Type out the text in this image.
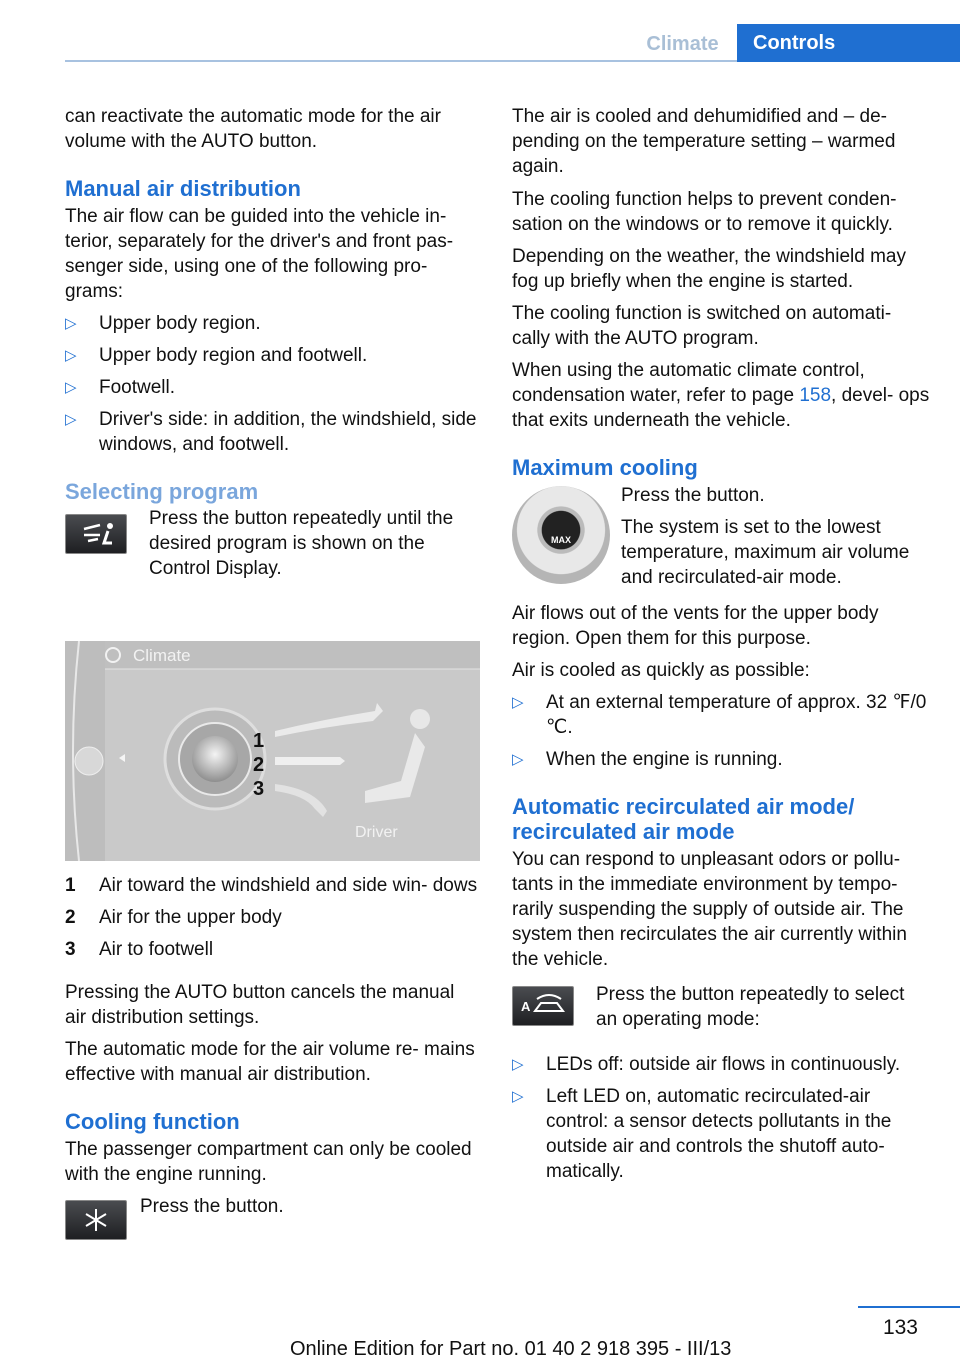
Climate	Controls

can reactivate the automatic mode for the air volume with the AUTO button.

Manual air distribution

The air flow can be guided into the vehicle in- terior, separately for the driver's and front pas- senger side, using one of the following pro- grams:

▷ Upper body region.
▷ Upper body region and footwell.
▷ Footwell.
▷ Driver's side: in addition, the windshield, side windows, and footwell.
Selecting program

Press the button repeatedly until the desired program is shown on the Control Display.

Climate
1
2
3
Driver
1 Air toward the windshield and side win- dows
2 Air for the upper body
3 Air to footwell

Pressing the AUTO button cancels the manual air distribution settings.

The automatic mode for the air volume re- mains effective with manual air distribution.

Cooling function

The passenger compartment can only be cooled with the engine running.

Press the button.

The air is cooled and dehumidified and – de- pending on the temperature setting – warmed again.

The cooling function helps to prevent conden- sation on the windows or to remove it quickly.

Depending on the weather, the windshield may fog up briefly when the engine is started.

The cooling function is switched on automati- cally with the AUTO program.

When using the automatic climate control, condensation water, refer to page 158, devel- ops that exits underneath the vehicle.

Maximum cooling
MAX

Press the button.

The system is set to the lowest temperature, maximum air volume and recirculated-air mode.

Air flows out of the vents for the upper body region. Open them for this purpose.

Air is cooled as quickly as possible:

▷ At an external temperature of approx. 32 ℉/0 ℃.
▷ When the engine is running.
Automatic recirculated air mode/ recirculated air mode

You can respond to unpleasant odors or pollu- tants in the immediate environment by tempo- rarily suspending the supply of outside air. The system then recirculates the air currently within the vehicle.

A

Press the button repeatedly to select an operating mode:

▷ LEDs off: outside air flows in continuously.
▷ Left LED on, automatic recirculated-air control: a sensor detects pollutants in the outside air and controls the shutoff auto- matically.
133
Online Edition for Part no. 01 40 2 918 395 - III/13
